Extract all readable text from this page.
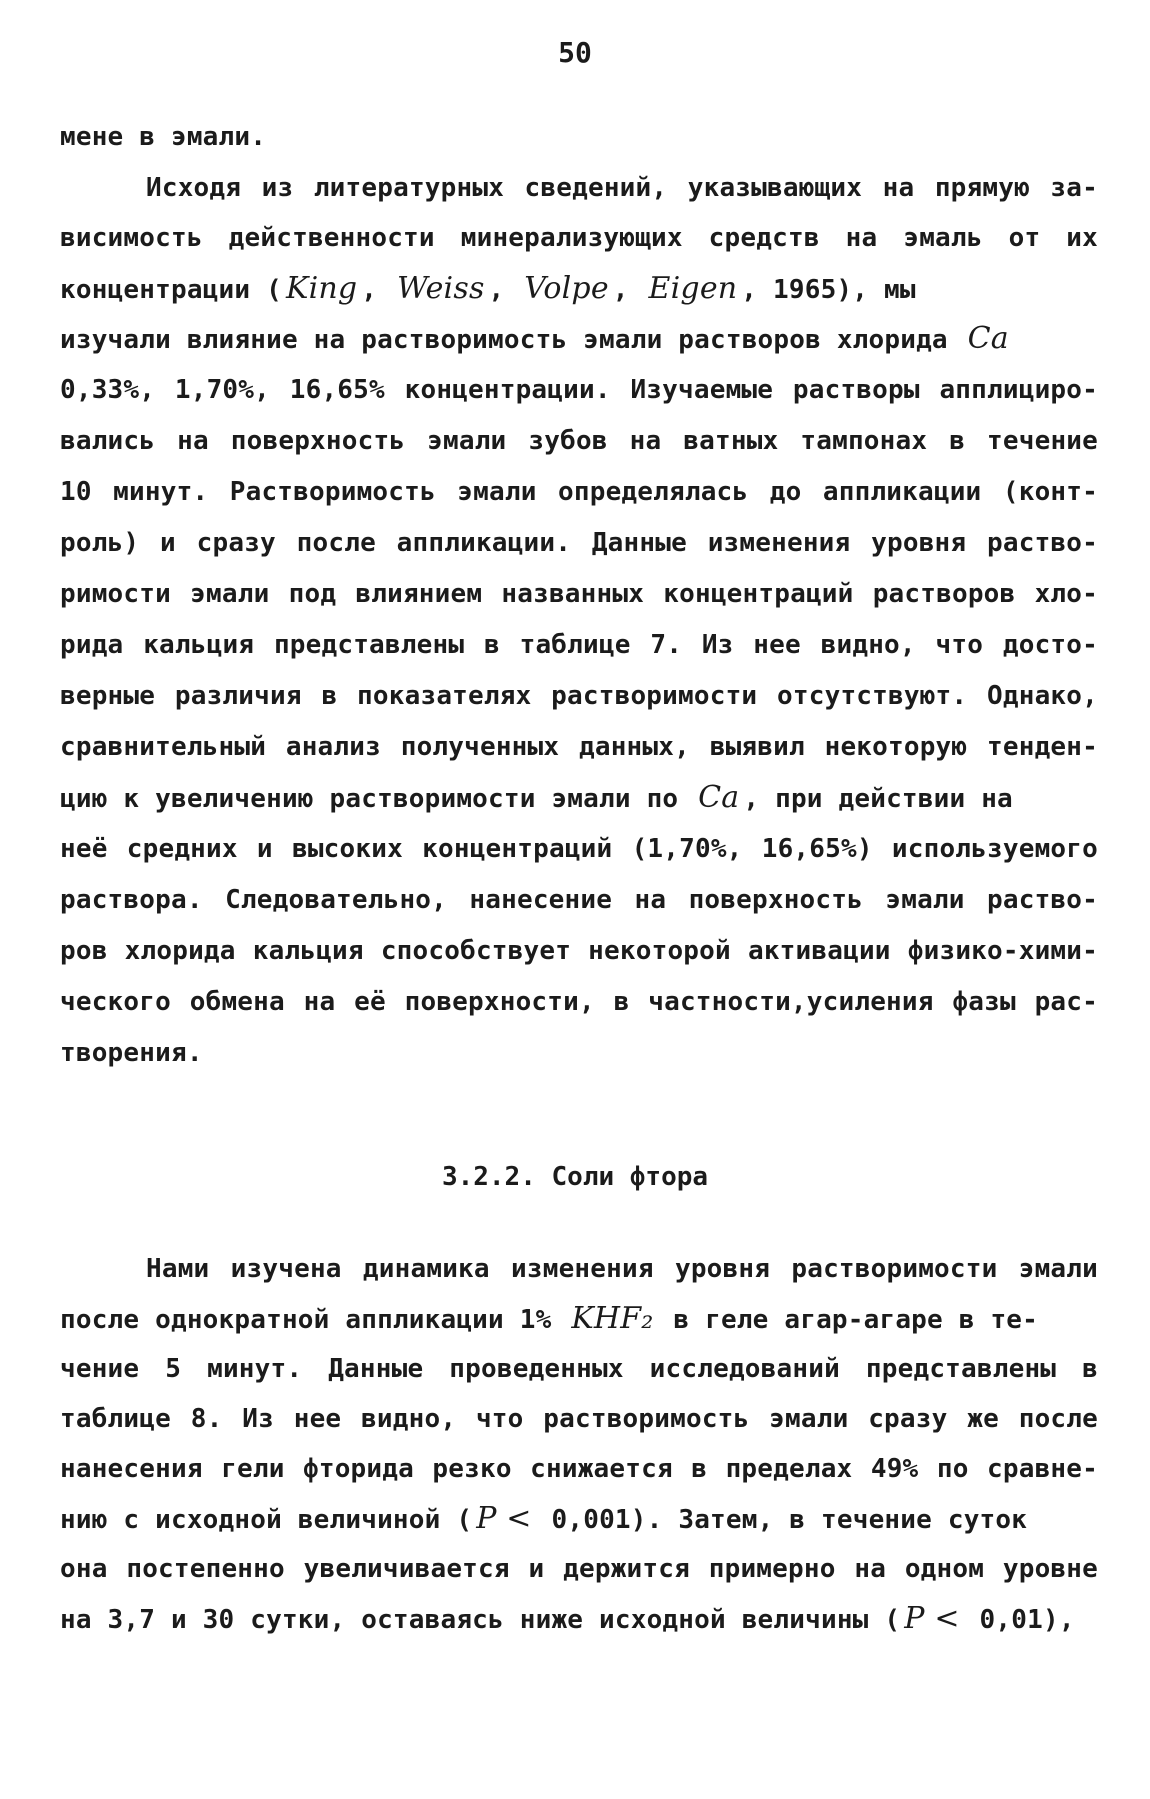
50
мене в эмали.
Исходя из литературных сведений, указывающих на прямую за-
висимость действенности минерализующих средств на эмаль от их
концентрации ( King , Weiss , Volpe , Eigen , 1965), мы
изучали влияние на растворимость эмали растворов хлорида Ca
0,33%, 1,70%, 16,65% концентрации. Изучаемые растворы апплициро-
вались на поверхность эмали зубов на ватных тампонах в течение
10 минут. Растворимость эмали определялась до аппликации (конт-
роль) и сразу после аппликации. Данные изменения уровня раство-
римости эмали под влиянием названных концентраций растворов хло-
рида кальция представлены в таблице 7. Из нее видно, что досто-
верные различия в показателях растворимости отсутствуют. Однако,
сравнительный анализ полученных данных, выявил некоторую тенден-
цию к увеличению растворимости эмали по Ca , при действии на
неё средних и высоких концентраций (1,70%, 16,65%) используемого
раствора. Следовательно, нанесение на поверхность эмали раство-
ров хлорида кальция способствует некоторой активации физико-хими-
ческого обмена на её поверхности, в частности,усиления фазы рас-
творения.
3.2.2. Соли фтора
Нами изучена динамика изменения уровня растворимости эмали
после однократной аппликации 1% KHF₂ в геле агар-агаре в те-
чение 5 минут. Данные проведенных исследований представлены в
таблице 8. Из нее видно, что растворимость эмали сразу же после
нанесения гели фторида резко снижается в пределах 49% по сравне-
нию с исходной величиной ( P < 0,001). Затем, в течение суток
она постепенно увеличивается и держится примерно на одном уровне
на 3,7 и 30 сутки, оставаясь ниже исходной величины ( P < 0,01),
